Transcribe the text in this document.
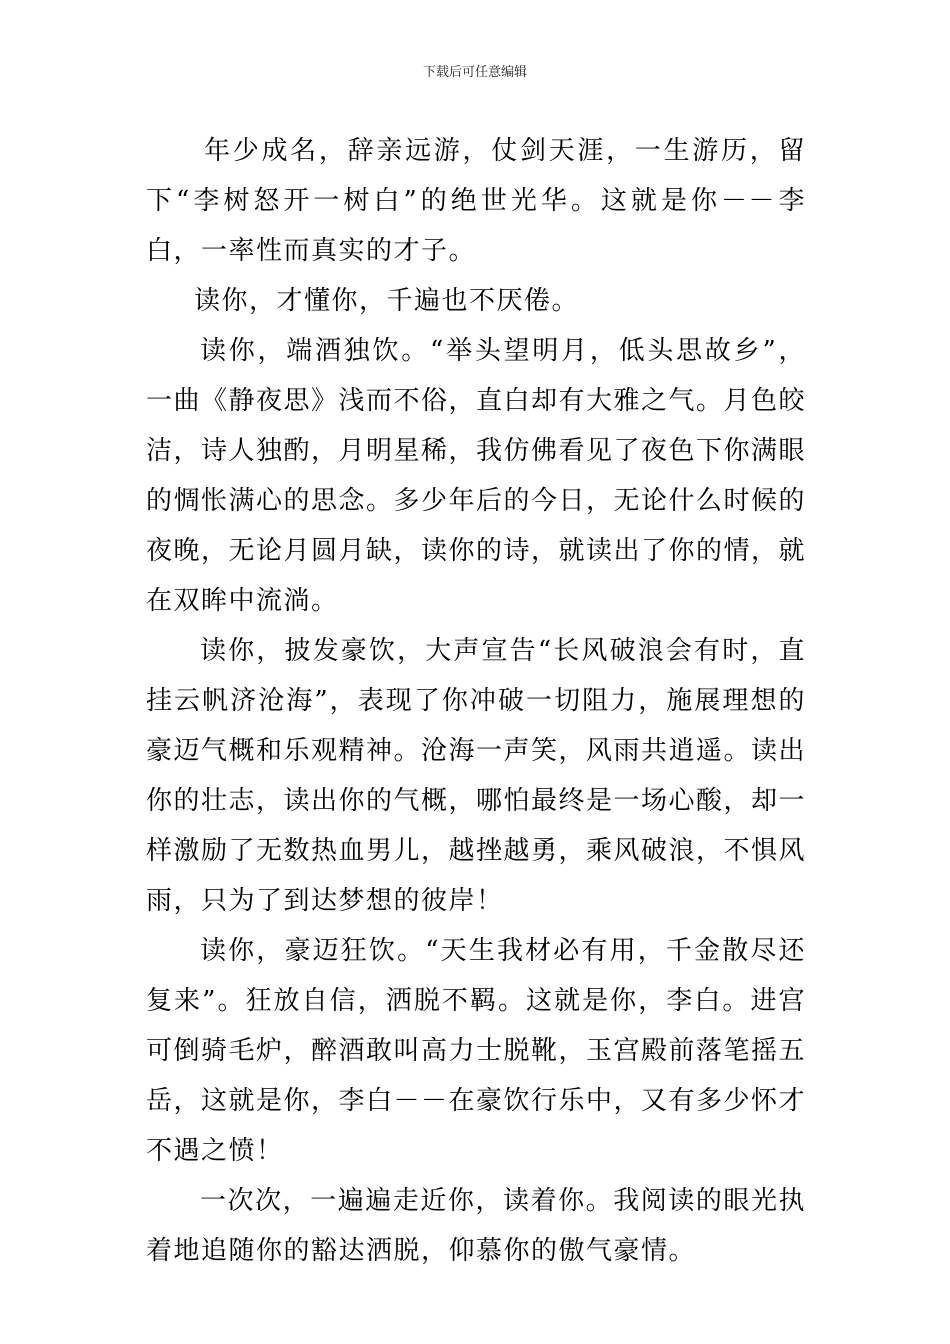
下载后可任意编辑

年少成名，辞亲远游，仗剑天涯，一生游历，留下“李树怒开一树白”的绝世光华。这就是你－－李白，一率性而真实的才子。

读你，才懂你，千遍也不厌倦。

读你，端酒独饮。“举头望明月，低头思故乡”，一曲《静夜思》浅而不俗，直白却有大雅之气。月色皎洁，诗人独酌，月明星稀，我仿佛看见了夜色下你满眼的惆怅满心的思念。多少年后的今日，无论什么时候的夜晚，无论月圆月缺，读你的诗，就读出了你的情，就在双眸中流淌。

读你，披发豪饮，大声宣告“长风破浪会有时，直挂云帆济沧海”，表现了你冲破一切阻力，施展理想的豪迈气概和乐观精神。沧海一声笑，风雨共逍遥。读出你的壮志，读出你的气概，哪怕最终是一场心酸，却一样激励了无数热血男儿，越挫越勇，乘风破浪，不惧风雨，只为了到达梦想的彼岸！

读你，豪迈狂饮。“天生我材必有用，千金散尽还复来”。狂放自信，洒脱不羁。这就是你，李白。进宫可倒骑毛炉，醉酒敢叫高力士脱靴，玉宫殿前落笔摇五岳，这就是你，李白－－在豪饮行乐中，又有多少怀才不遇之愤！

一次次，一遍遍走近你，读着你。我阅读的眼光执着地追随你的豁达洒脱，仰慕你的傲气豪情。
